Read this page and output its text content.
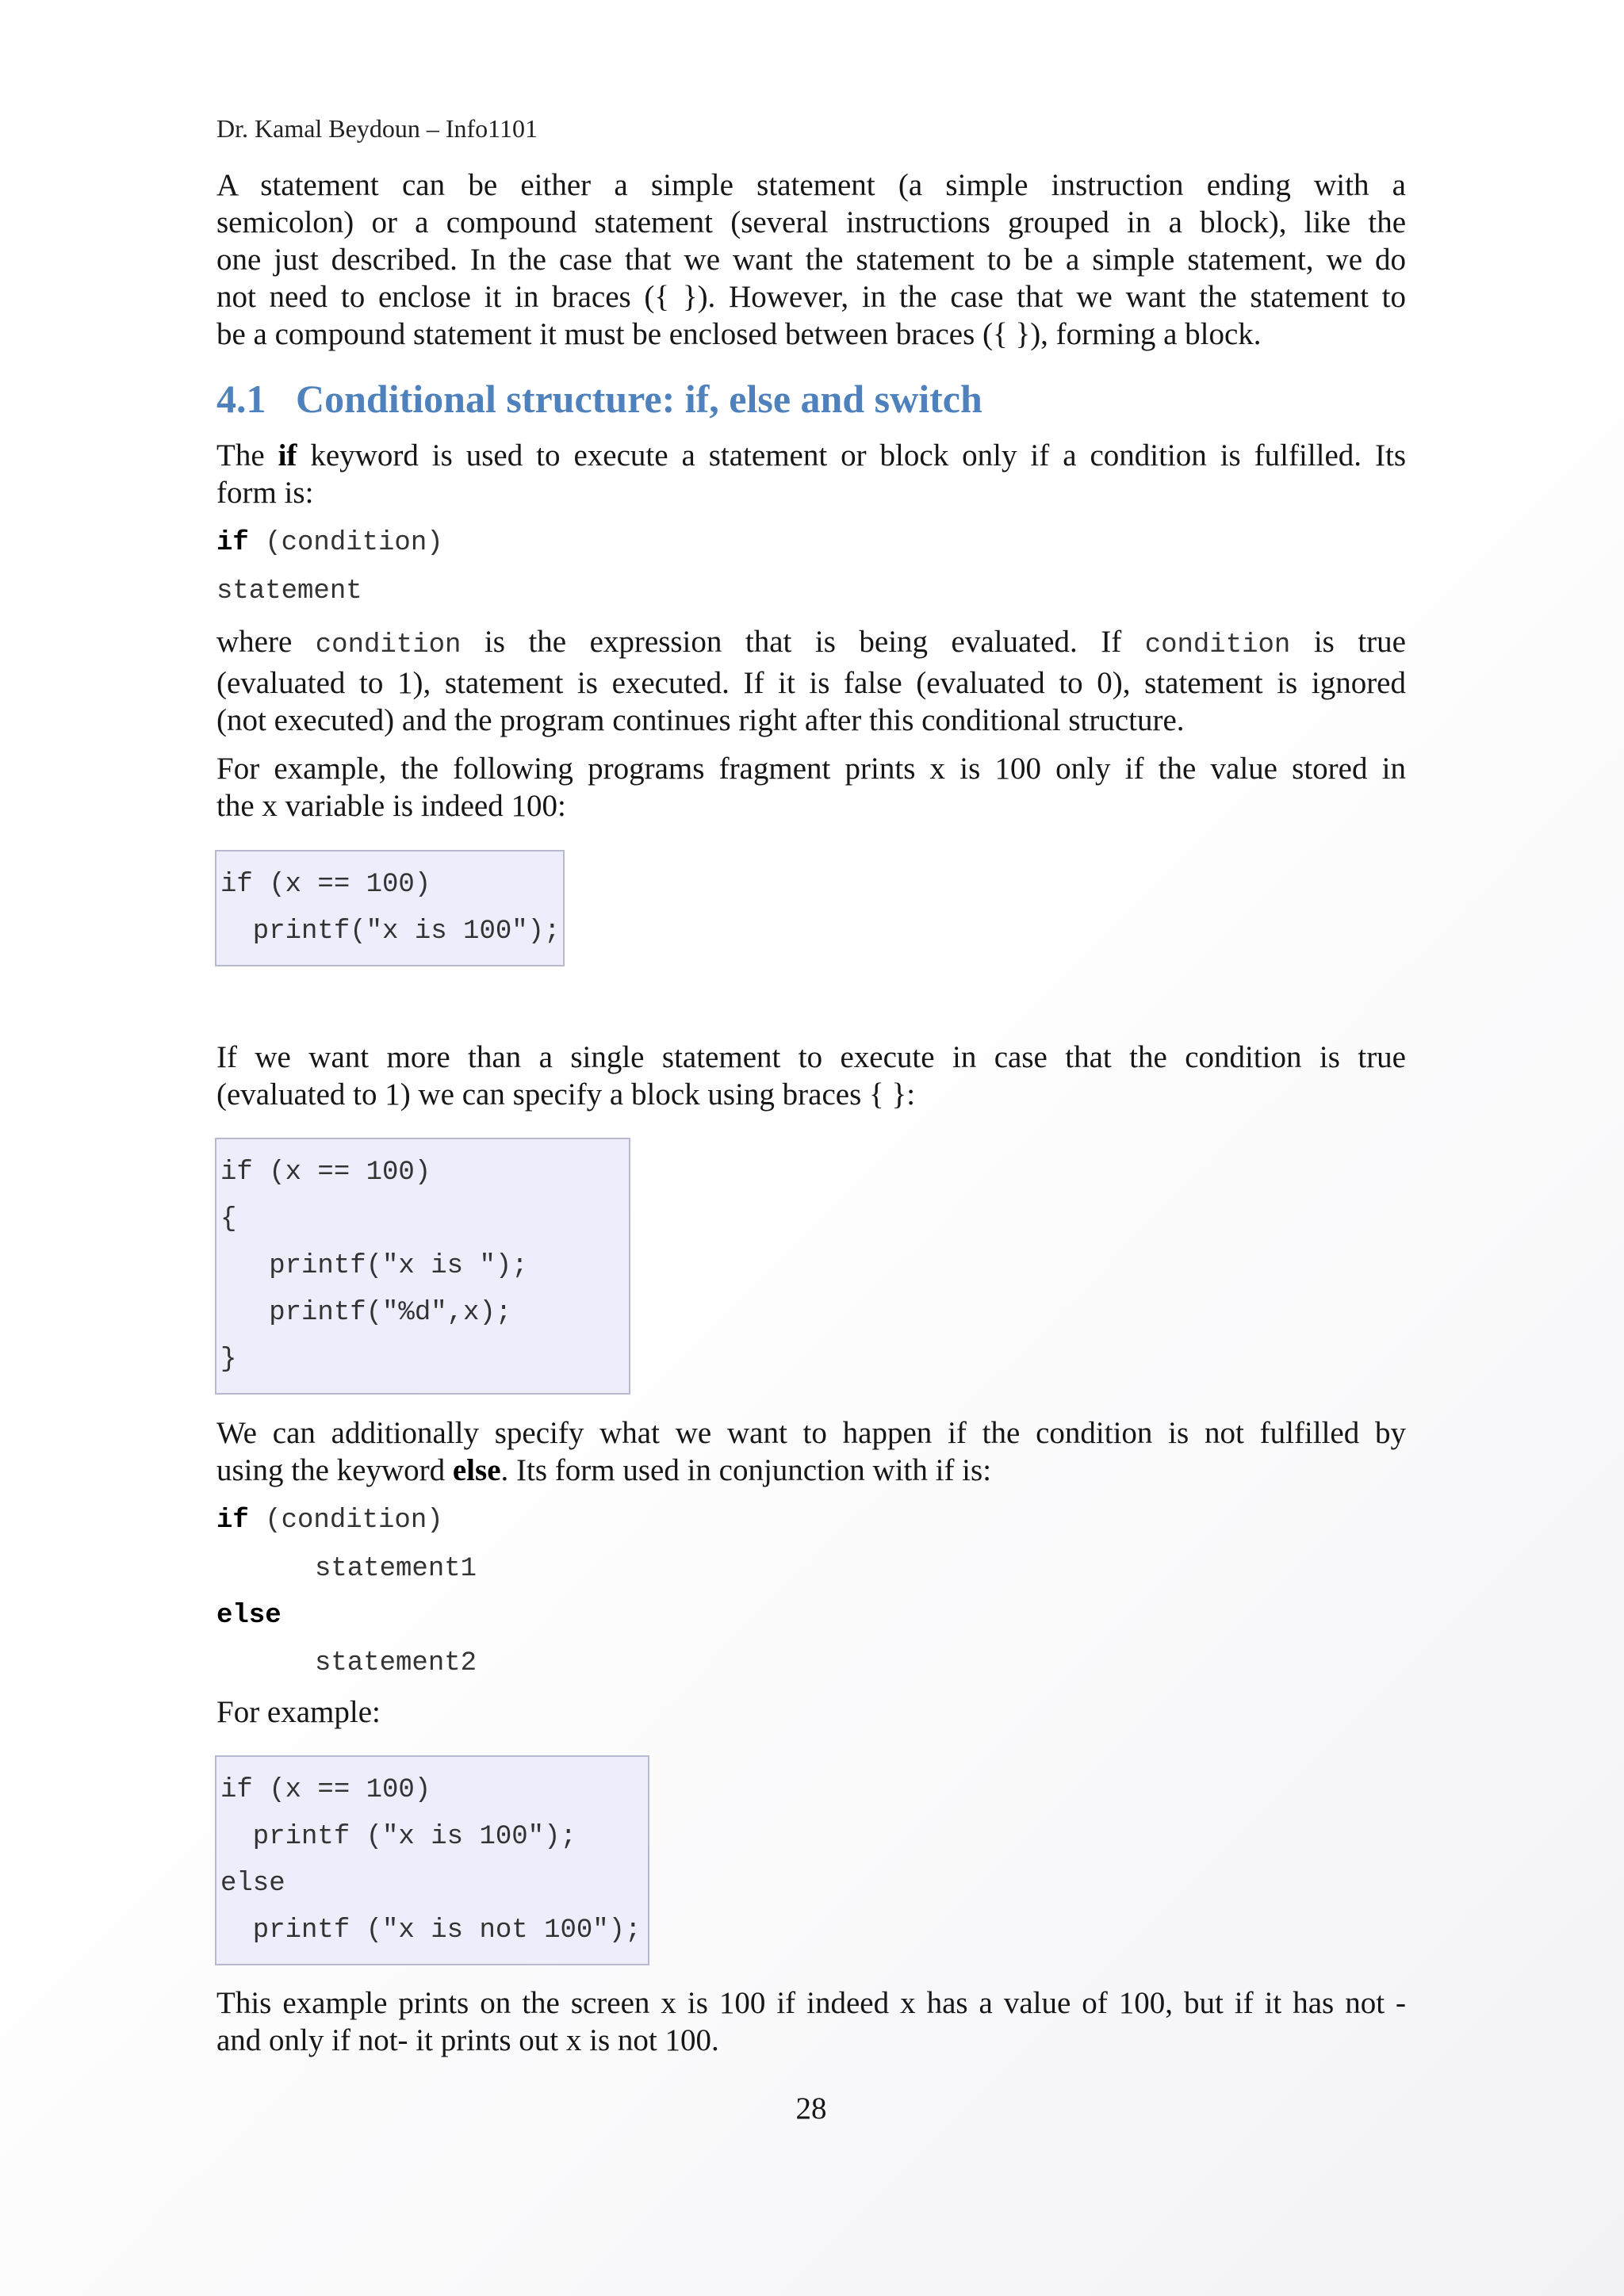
Dr. Kamal Beydoun – Info1101
A statement can be either a simple statement (a simple instruction ending with a
semicolon) or a compound statement (several instructions grouped in a block), like the
one just described. In the case that we want the statement to be a simple statement, we do
not need to enclose it in braces ({ }). However, in the case that we want the statement to
be a compound statement it must be enclosed between braces ({ }), forming a block.
4.1 Conditional structure: if, else and switch
The if keyword is used to execute a statement or block only if a condition is fulfilled. Its
form is:
if (condition)
statement
where condition is the expression that is being evaluated. If condition is true
(evaluated to 1), statement is executed. If it is false (evaluated to 0), statement is ignored
(not executed) and the program continues right after this conditional structure.
For example, the following programs fragment prints x is 100 only if the value stored in
the x variable is indeed 100:
if (x == 100)
printf("x is 100");
If we want more than a single statement to execute in case that the condition is true
(evaluated to 1) we can specify a block using braces { }:
if (x == 100)
{
printf("x is ");
printf("%d",x);
}
We can additionally specify what we want to happen if the condition is not fulfilled by
using the keyword else. Its form used in conjunction with if is:
if (condition)
statement1
else
statement2
For example:
if (x == 100)
printf ("x is 100");
else
printf ("x is not 100");
This example prints on the screen x is 100 if indeed x has a value of 100, but if it has not -
and only if not- it prints out x is not 100.
28
